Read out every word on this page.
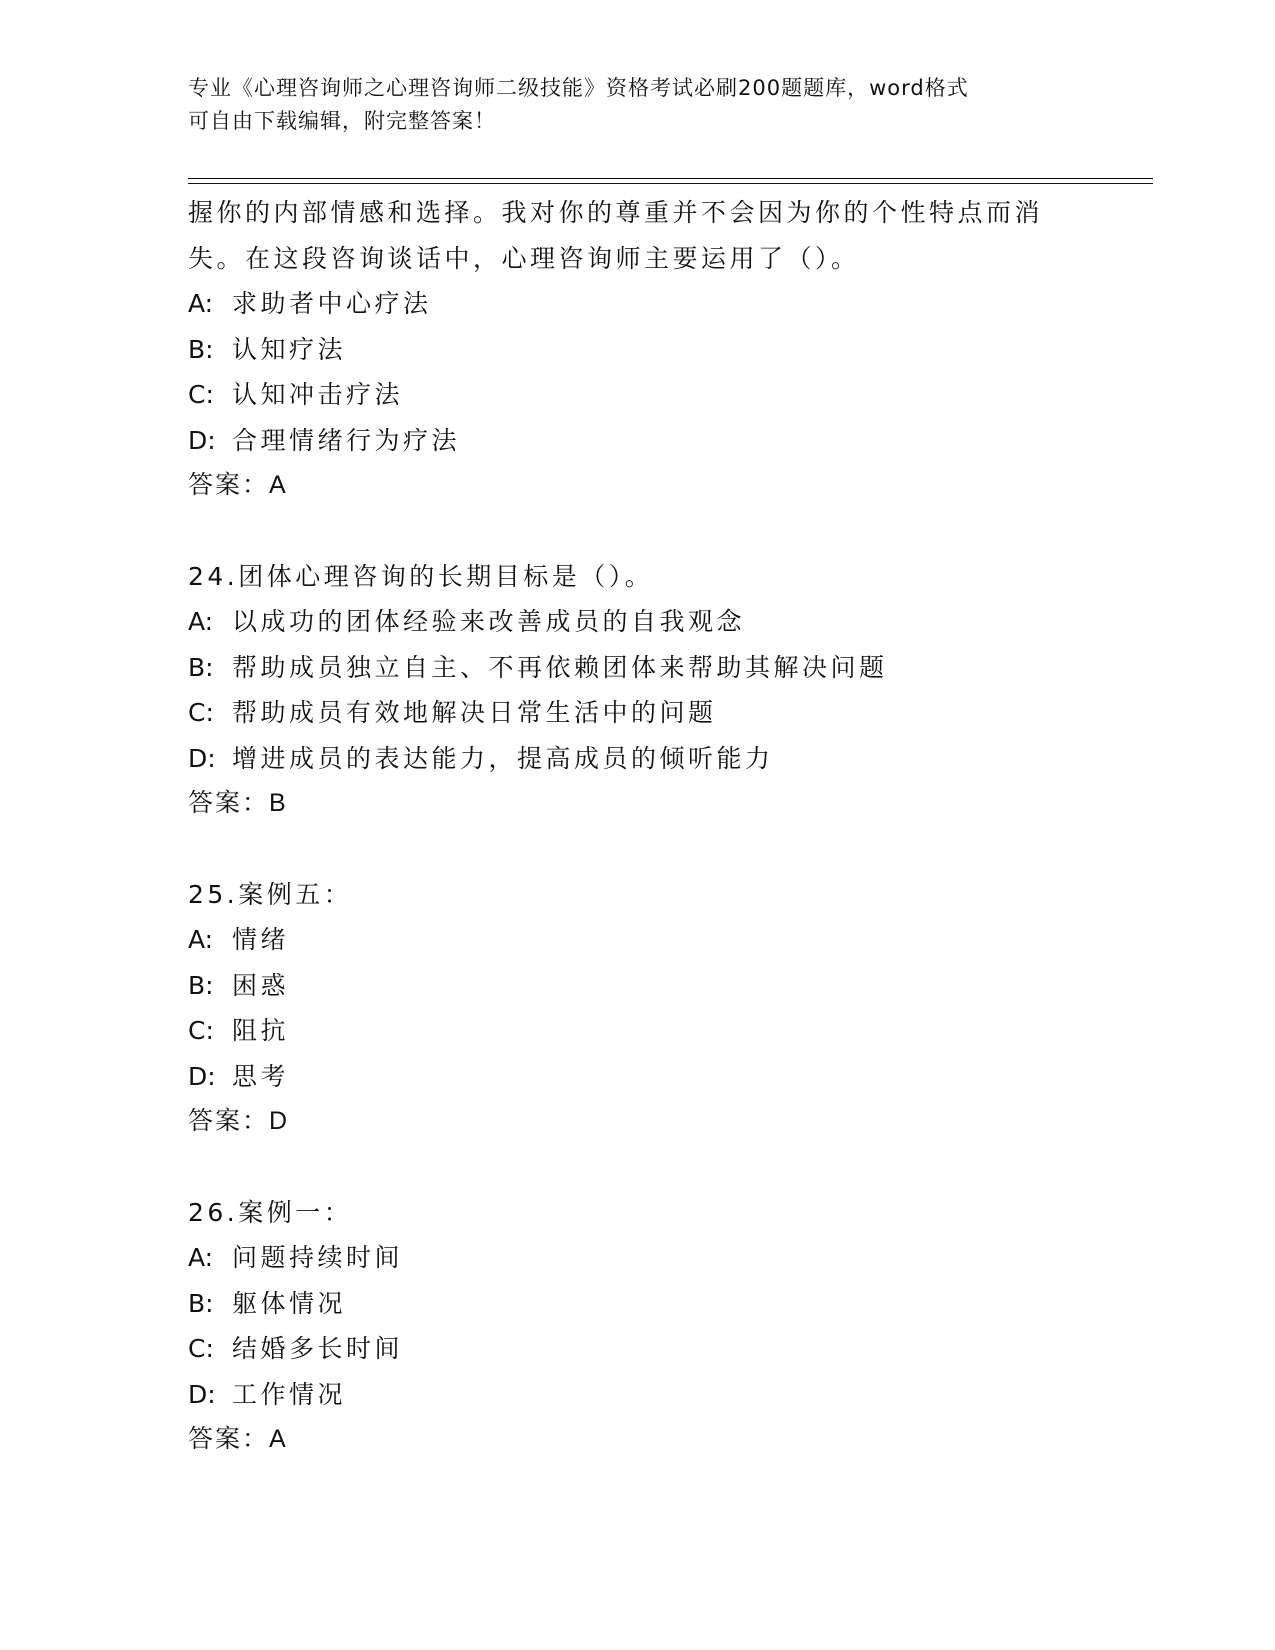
专业《心理咨询师之心理咨询师二级技能》资格考试必刷200题题库，word格式
可自由下载编辑，附完整答案！
握你的内部情感和选择。我对你的尊重并不会因为你的个性特点而消
失。在这段咨询谈话中，心理咨询师主要运用了（）。
A: 求助者中心疗法
B: 认知疗法
C: 认知冲击疗法
D: 合理情绪行为疗法
答案：A
24.团体心理咨询的长期目标是（）。
A: 以成功的团体经验来改善成员的自我观念
B: 帮助成员独立自主、不再依赖团体来帮助其解决问题
C: 帮助成员有效地解决日常生活中的问题
D: 增进成员的表达能力，提高成员的倾听能力
答案：B
25.案例五：
A: 情绪
B: 困惑
C: 阻抗
D: 思考
答案：D
26.案例一：
A: 问题持续时间
B: 躯体情况
C: 结婚多长时间
D: 工作情况
答案：A
